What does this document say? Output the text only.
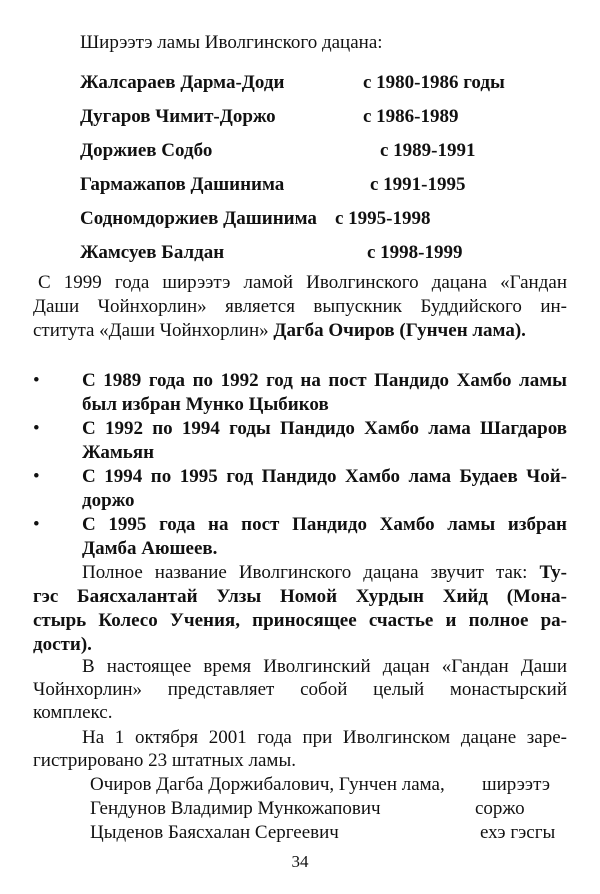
Ширээтэ ламы Иволгинского дацана:
Жалсараев Дарма-Доди	с 1980-1986 годы
Дугаров Чимит-Доржо	с 1986-1989
Доржиев Содбо	с 1989-1991
Гармажапов Дашинима	с 1991-1995
Содномдоржиев Дашинима с 1995-1998
Жамсуев Балдан	с 1998-1999
С 1999 года ширээтэ ламой Иволгинского дацана «Гандан
Даши Чойнхорлин» является выпускник Буддийского ин-
ститута «Даши Чойнхорлин» Дагба Очиров (Гунчен лама).
• С 1989 года по 1992 год на пост Пандидо Хамбо ламы
был избран Мунко Цыбиков
• С 1992 по 1994 годы Пандидо Хамбо лама Шагдаров
Жамьян
• С 1994 по 1995 год Пандидо Хамбо лама Будаев Чой-
доржо
• С 1995 года на пост Пандидо Хамбо ламы избран
Дамба Аюшеев.
Полное название Иволгинского дацана звучит так: Ту-
гэс Баясхалантай Улзы Номой Хурдын Хийд (Мона-
стырь Колесо Учения, приносящее счастье и полное ра-
дости).
В настоящее время Иволгинский дацан «Гандан Даши
Чойнхорлин» представляет собой целый монастырский
комплекс.
На 1 октября 2001 года при Иволгинском дацане заре-
гистрировано 23 штатных ламы.
Очиров Дагба Доржибалович, Гунчен лама, ширээтэ
Гендунов Владимир Мункожапович	соржо
Цыденов Баясхалан Сергеевич	ехэ гэсгы
34
